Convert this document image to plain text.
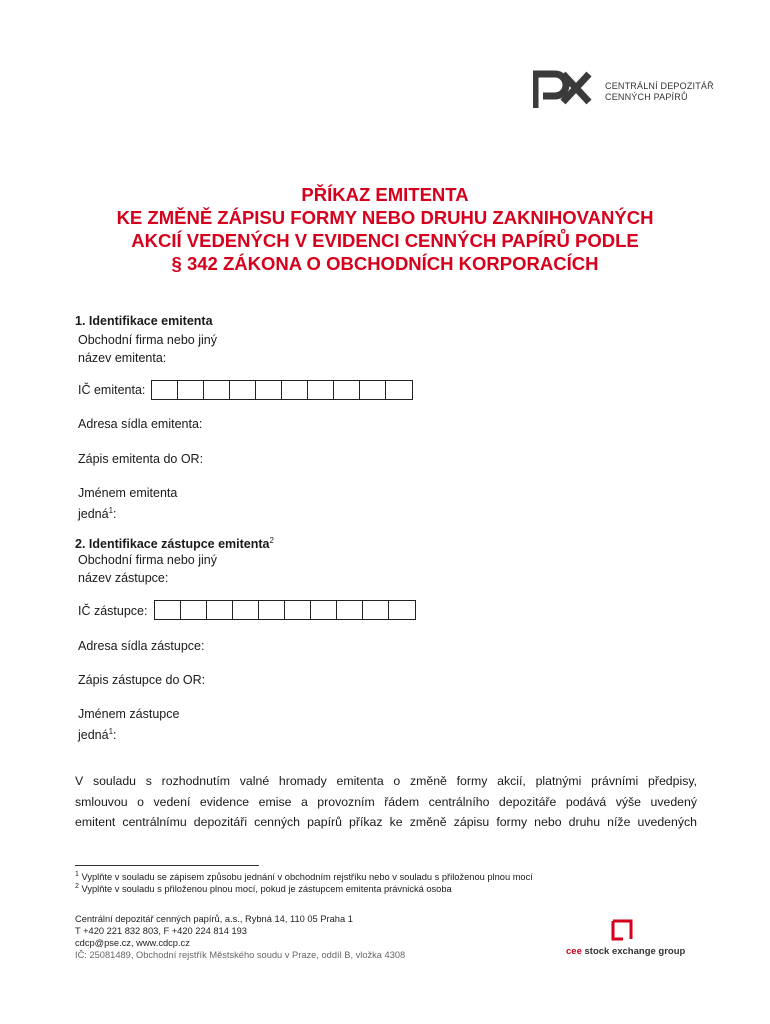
CENTRÁLNÍ DEPOZITÁŘ
CENNÝCH PAPÍRŮ
PŘÍKAZ EMITENTA
KE ZMĚNĚ ZÁPISU FORMY NEBO DRUHU ZAKNIHOVANÝCH
AKCIÍ VEDENÝCH V EVIDENCI CENNÝCH PAPÍRŮ PODLE
§ 342 ZÁKONA O OBCHODNÍCH KORPORACÍCH
1. Identifikace emitenta
Obchodní firma nebo jiný
název emitenta:
IČ emitenta:
Adresa sídla emitenta:
Zápis emitenta do OR:
Jménem emitenta
jedná$^1$:
2. Identifikace zástupce emitenta$^2$
Obchodní firma nebo jiný
název zástupce:
IČ zástupce:
Adresa sídla zástupce:
Zápis zástupce do OR:
Jménem zástupce
jedná$^1$:
V souladu s rozhodnutím valné hromady emitenta o změně formy akcií, platnými právními předpisy,
smlouvou o vedení evidence emise a provozním řádem centrálního depozitáře podává výše uvedený
emitent centrálnímu depozitáři cenných papírů příkaz ke změně zápisu formy nebo druhu níže uvedených
$^1$ Vyplňte v souladu se zápisem způsobu jednání v obchodním rejstříku nebo v souladu s přiloženou plnou mocí
$^2$ Vyplňte v souladu s přiloženou plnou mocí, pokud je zástupcem emitenta právnická osoba
Centrální depozitář cenných papírů, a.s., Rybná 14, 110 05 Praha 1
T +420 221 832 803, F +420 224 814 193
cdcp@pse.cz, www.cdcp.cz
IČ: 25081489, Obchodní rejstřík Městského soudu v Praze, oddíl B, vložka 4308	cee stock exchange group
